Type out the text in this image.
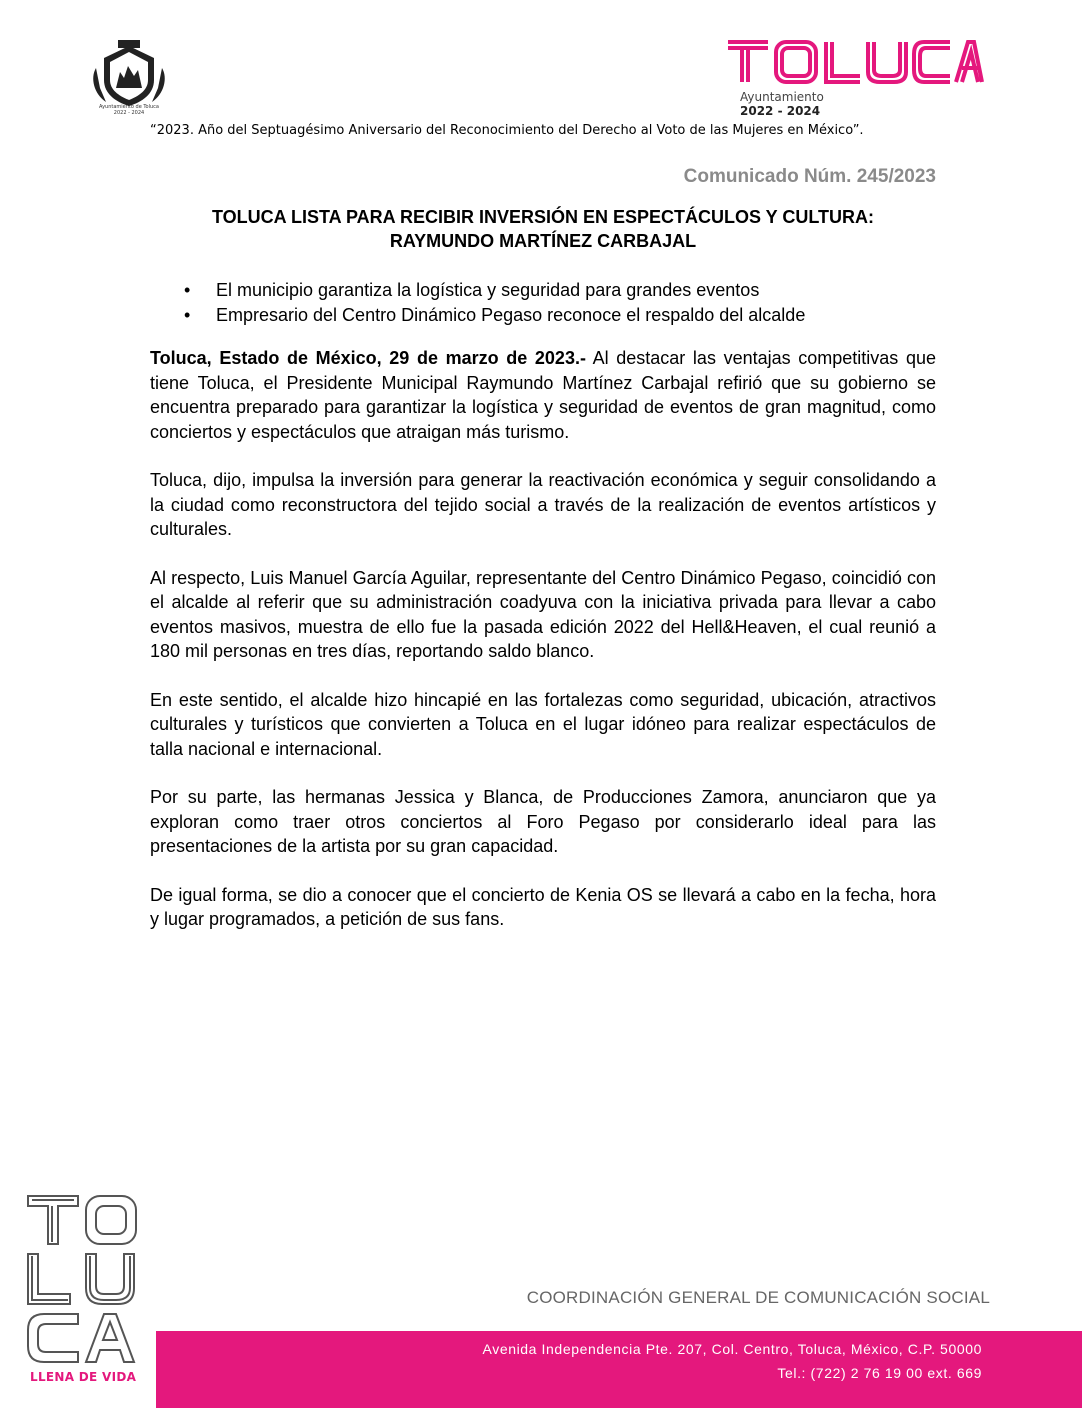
Ayuntamiento de Toluca
2022 - 2024
Ayuntamiento
2022 - 2024
“2023. Año del Septuagésimo Aniversario del Reconocimiento del Derecho al Voto de las Mujeres en México”.
Comunicado Núm. 245/2023
TOLUCA LISTA PARA RECIBIR INVERSIÓN EN ESPECTÁCULOS Y CULTURA:
RAYMUNDO MARTÍNEZ CARBAJAL
• El municipio garantiza la logística y seguridad para grandes eventos
• Empresario del Centro Dinámico Pegaso reconoce el respaldo del alcalde

Toluca, Estado de México, 29 de marzo de 2023.- Al destacar las ventajas competitivas que tiene Toluca, el Presidente Municipal Raymundo Martínez Carbajal refirió que su gobierno se encuentra preparado para garantizar la logística y seguridad de eventos de gran magnitud, como conciertos y espectáculos que atraigan más turismo.

Toluca, dijo, impulsa la inversión para generar la reactivación económica y seguir consolidando a la ciudad como reconstructora del tejido social a través de la realización de eventos artísticos y culturales.

Al respecto, Luis Manuel García Aguilar, representante del Centro Dinámico Pegaso, coincidió con el alcalde al referir que su administración coadyuva con la iniciativa privada para llevar a cabo eventos masivos, muestra de ello fue la pasada edición 2022 del Hell&Heaven, el cual reunió a 180 mil personas en tres días, reportando saldo blanco.

En este sentido, el alcalde hizo hincapié en las fortalezas como seguridad, ubicación, atractivos culturales y turísticos que convierten a Toluca en el lugar idóneo para realizar espectáculos de talla nacional e internacional.

Por su parte, las hermanas Jessica y Blanca, de Producciones Zamora, anunciaron que ya exploran como traer otros conciertos al Foro Pegaso por considerarlo ideal para las presentaciones de la artista por su gran capacidad.

De igual forma, se dio a conocer que el concierto de Kenia OS se llevará a cabo en la fecha, hora y lugar programados, a petición de sus fans.

LLENA DE VIDA
COORDINACIÓN GENERAL DE COMUNICACIÓN SOCIAL
Avenida Independencia Pte. 207, Col. Centro, Toluca, México, C.P. 50000
Tel.: (722) 2 76 19 00 ext. 669
